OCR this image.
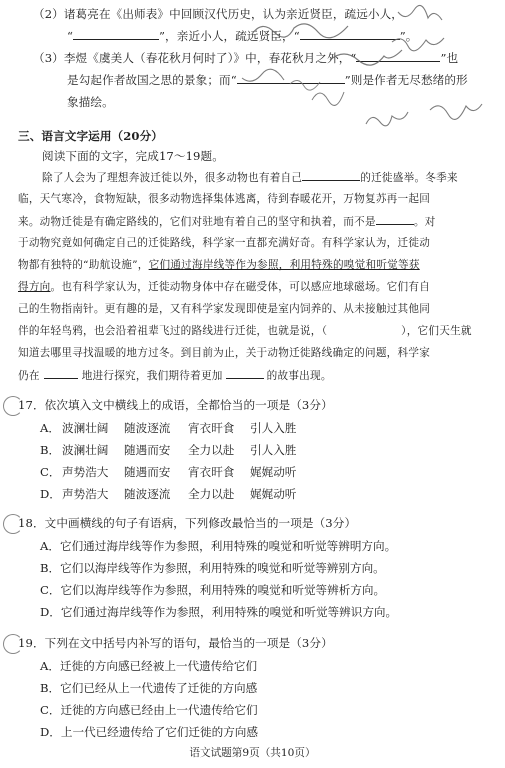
（2）诸葛亮在《出师表》中回顾汉代历史，认为亲近贤臣，疏远小人，
“	”，亲近小人，疏远贤臣，“	”。
（3）李煜《虞美人（春花秋月何时了）》中，春花秋月之外，“	”也
是勾起作者故国之思的景象；而“	”则是作者无尽愁绪的形
象描绘。
三、语言文字运用（20分）
阅读下面的文字，完成17～19题。
除了人会为了理想奔波迁徙以外，很多动物也有着自己	的迁徙盛举。冬季来
临，天气寒冷，食物短缺，很多动物选择集体逃离，待到春暖花开，万物复苏再一起回
来。动物迁徙是有确定路线的，它们对驻地有着自己的坚守和执着，而不是	。对
于动物究竟如何确定自己的迁徙路线，科学家一直都充满好奇。有科学家认为，迁徙动
物都有独特的“助航设施”，它们通过海岸线等作为参照，利用特殊的嗅觉和听觉等获
得方向。也有科学家认为，迁徙动物身体中存在磁受体，可以感应地球磁场。它们有自
己的生物指南针。更有趣的是，又有科学家发现即使是室内饲养的、从未接触过其他同
伴的年轻鸟鸦，也会沿着祖辈飞过的路线进行迁徙，也就是说，（	），它们天生就
知道去哪里寻找温暖的地方过冬。到目前为止，关于动物迁徙路线确定的问题，科学家
仍在	地进行探究，我们期待着更加	的故事出现。
17．依次填入文中横线上的成语，全都恰当的一项是（3分）
A． 波澜壮阔 随波逐流 宵衣旰食 引人入胜
B． 波澜壮阔 随遇而安 全力以赴 引人入胜
C． 声势浩大 随遇而安 宵衣旰食 娓娓动听
D． 声势浩大 随波逐流 全力以赴 娓娓动听
18．文中画横线的句子有语病，下列修改最恰当的一项是（3分）
A．它们通过海岸线等作为参照，利用特殊的嗅觉和听觉等辨明方向。
B．它们以海岸线等作为参照，利用特殊的嗅觉和听觉等辨别方向。
C．它们以海岸线等作为参照，利用特殊的嗅觉和听觉等辨析方向。
D．它们通过海岸线等作为参照，利用特殊的嗅觉和听觉等辨识方向。
19．下列在文中括号内补写的语句，最恰当的一项是（3分）
A．迁徙的方向感已经被上一代遗传给它们
B．它们已经从上一代遗传了迁徙的方向感
C．迁徙的方向感已经由上一代遗传给它们
D．上一代已经遗传给了它们迁徙的方向感
语文试题第9页（共10页）
